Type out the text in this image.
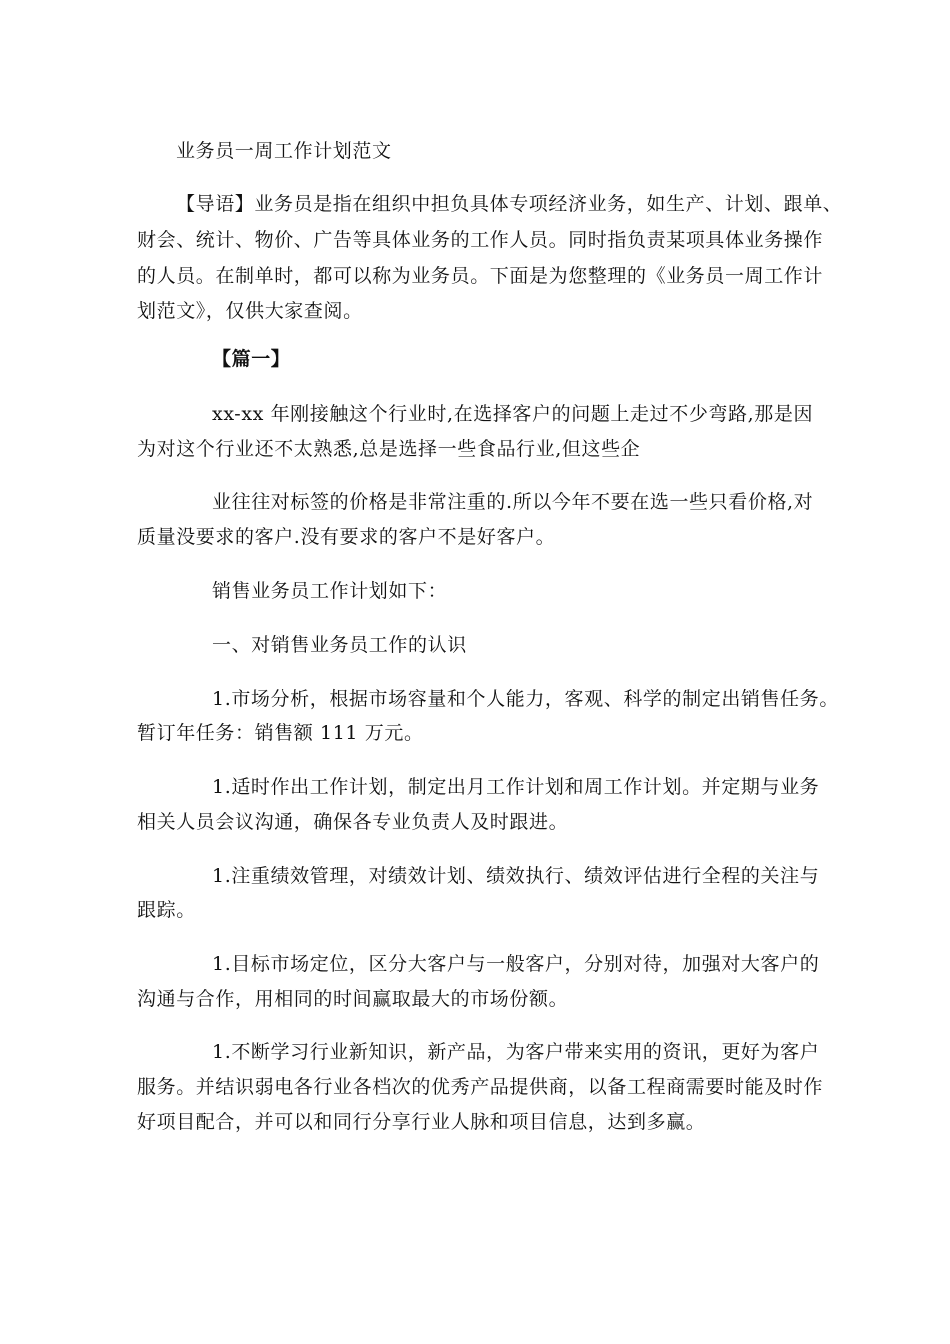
业务员一周工作计划范文
【导语】业务员是指在组织中担负具体专项经济业务，如生产、计划、跟单、
财会、统计、物价、广告等具体业务的工作人员。同时指负责某项具体业务操作
的人员。在制单时，都可以称为业务员。下面是为您整理的《业务员一周工作计
划范文》，仅供大家查阅。
【篇一】
xx-xx 年刚接触这个行业时,在选择客户的问题上走过不少弯路,那是因
为对这个行业还不太熟悉,总是选择一些食品行业,但这些企
业往往对标签的价格是非常注重的.所以今年不要在选一些只看价格,对
质量没要求的客户.没有要求的客户不是好客户。
销售业务员工作计划如下：
一、对销售业务员工作的认识
1.市场分析，根据市场容量和个人能力，客观、科学的制定出销售任务。
暂订年任务：销售额 111 万元。
1.适时作出工作计划，制定出月工作计划和周工作计划。并定期与业务
相关人员会议沟通，确保各专业负责人及时跟进。
1.注重绩效管理，对绩效计划、绩效执行、绩效评估进行全程的关注与
跟踪。
1.目标市场定位，区分大客户与一般客户，分别对待，加强对大客户的
沟通与合作，用相同的时间赢取最大的市场份额。
1.不断学习行业新知识，新产品，为客户带来实用的资讯，更好为客户
服务。并结识弱电各行业各档次的优秀产品提供商，以备工程商需要时能及时作
好项目配合，并可以和同行分享行业人脉和项目信息，达到多赢。
